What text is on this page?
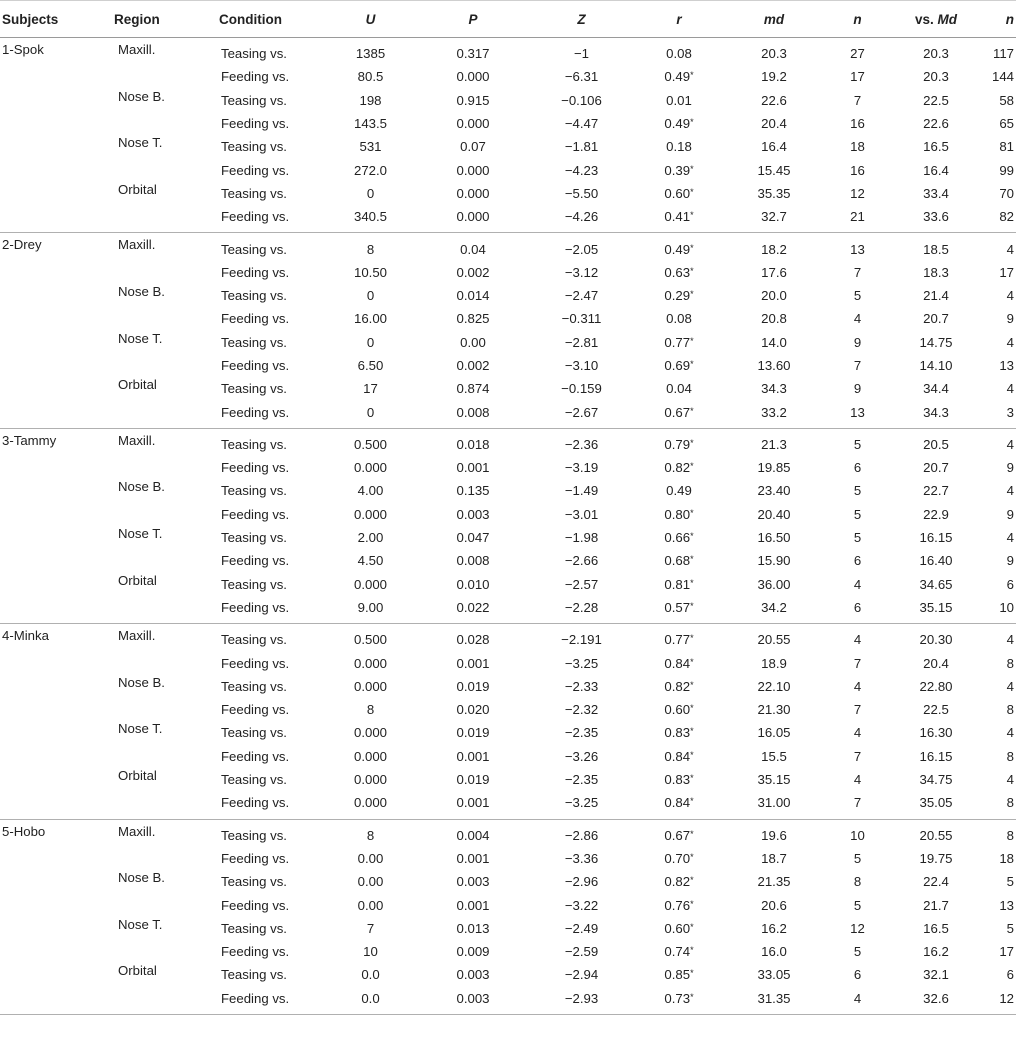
Subjects	Region	Condition	U	P	Z	r	md	n	vs. Md	n
1-Spok	Maxill.	Teasing vs.	1385	0.317	−1	0.08	20.3	27	20.3	117
		Feeding vs.	80.5	0.000	−6.31	0.49*	19.2	17	20.3	144
	Nose B.	Teasing vs.	198	0.915	−0.106	0.01	22.6	7	22.5	58
		Feeding vs.	143.5	0.000	−4.47	0.49*	20.4	16	22.6	65
	Nose T.	Teasing vs.	531	0.07	−1.81	0.18	16.4	18	16.5	81
		Feeding vs.	272.0	0.000	−4.23	0.39*	15.45	16	16.4	99
	Orbital	Teasing vs.	0	0.000	−5.50	0.60*	35.35	12	33.4	70
		Feeding vs.	340.5	0.000	−4.26	0.41*	32.7	21	33.6	82
2-Drey	Maxill.	Teasing vs.	8	0.04	−2.05	0.49*	18.2	13	18.5	4
		Feeding vs.	10.50	0.002	−3.12	0.63*	17.6	7	18.3	17
	Nose B.	Teasing vs.	0	0.014	−2.47	0.29*	20.0	5	21.4	4
		Feeding vs.	16.00	0.825	−0.311	0.08	20.8	4	20.7	9
	Nose T.	Teasing vs.	0	0.00	−2.81	0.77*	14.0	9	14.75	4
		Feeding vs.	6.50	0.002	−3.10	0.69*	13.60	7	14.10	13
	Orbital	Teasing vs.	17	0.874	−0.159	0.04	34.3	9	34.4	4
		Feeding vs.	0	0.008	−2.67	0.67*	33.2	13	34.3	3
3-Tammy	Maxill.	Teasing vs.	0.500	0.018	−2.36	0.79*	21.3	5	20.5	4
		Feeding vs.	0.000	0.001	−3.19	0.82*	19.85	6	20.7	9
	Nose B.	Teasing vs.	4.00	0.135	−1.49	0.49	23.40	5	22.7	4
		Feeding vs.	0.000	0.003	−3.01	0.80*	20.40	5	22.9	9
	Nose T.	Teasing vs.	2.00	0.047	−1.98	0.66*	16.50	5	16.15	4
		Feeding vs.	4.50	0.008	−2.66	0.68*	15.90	6	16.40	9
	Orbital	Teasing vs.	0.000	0.010	−2.57	0.81*	36.00	4	34.65	6
		Feeding vs.	9.00	0.022	−2.28	0.57*	34.2	6	35.15	10
4-Minka	Maxill.	Teasing vs.	0.500	0.028	−2.191	0.77*	20.55	4	20.30	4
		Feeding vs.	0.000	0.001	−3.25	0.84*	18.9	7	20.4	8
	Nose B.	Teasing vs.	0.000	0.019	−2.33	0.82*	22.10	4	22.80	4
		Feeding vs.	8	0.020	−2.32	0.60*	21.30	7	22.5	8
	Nose T.	Teasing vs.	0.000	0.019	−2.35	0.83*	16.05	4	16.30	4
		Feeding vs.	0.000	0.001	−3.26	0.84*	15.5	7	16.15	8
	Orbital	Teasing vs.	0.000	0.019	−2.35	0.83*	35.15	4	34.75	4
		Feeding vs.	0.000	0.001	−3.25	0.84*	31.00	7	35.05	8
5-Hobo	Maxill.	Teasing vs.	8	0.004	−2.86	0.67*	19.6	10	20.55	8
		Feeding vs.	0.00	0.001	−3.36	0.70*	18.7	5	19.75	18
	Nose B.	Teasing vs.	0.00	0.003	−2.96	0.82*	21.35	8	22.4	5
		Feeding vs.	0.00	0.001	−3.22	0.76*	20.6	5	21.7	13
	Nose T.	Teasing vs.	7	0.013	−2.49	0.60*	16.2	12	16.5	5
		Feeding vs.	10	0.009	−2.59	0.74*	16.0	5	16.2	17
	Orbital	Teasing vs.	0.0	0.003	−2.94	0.85*	33.05	6	32.1	6
		Feeding vs.	0.0	0.003	−2.93	0.73*	31.35	4	32.6	12
